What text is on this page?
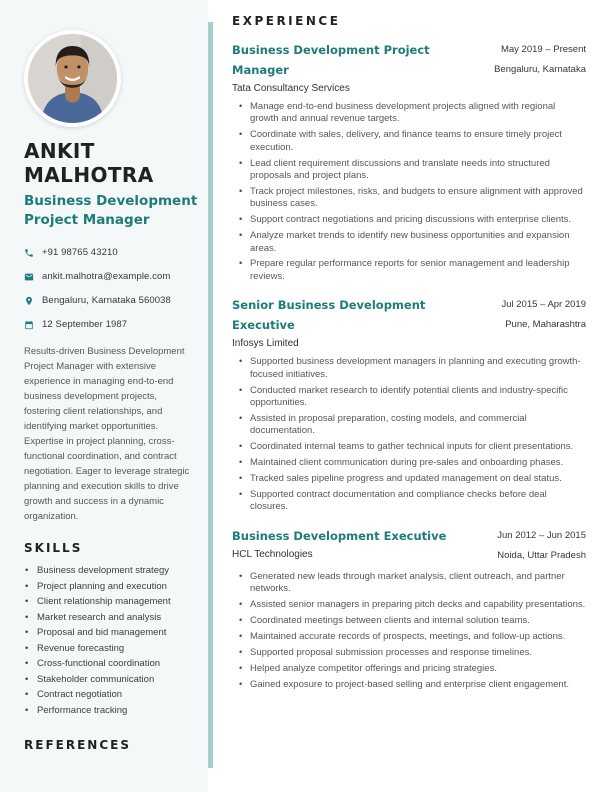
ANKIT MALHOTRA
Business Development Project Manager
+91 98765 43210
ankit.malhotra@example.com
Bengaluru, Karnataka 560038
12 September 1987

Results-driven Business Development Project Manager with extensive experience in managing end-to-end business development projects, fostering client relationships, and identifying market opportunities. Expertise in project planning, cross-functional coordination, and contract negotiation. Eager to leverage strategic planning and execution skills to drive growth and success in a dynamic organization.

SKILLS
• Business development strategy
• Project planning and execution
• Client relationship management
• Market research and analysis
• Proposal and bid management
• Revenue forecasting
• Cross-functional coordination
• Stakeholder communication
• Contract negotiation
• Performance tracking
REFERENCES
EXPERIENCE
Business Development Project Manager
Tata Consultancy Services
May 2019 – Present
Bengaluru, Karnataka
• Manage end-to-end business development projects aligned with regional growth and annual revenue targets.
• Coordinate with sales, delivery, and finance teams to ensure timely project execution.
• Lead client requirement discussions and translate needs into structured proposals and project plans.
• Track project milestones, risks, and budgets to ensure alignment with approved business cases.
• Support contract negotiations and pricing discussions with enterprise clients.
• Analyze market trends to identify new business opportunities and expansion areas.
• Prepare regular performance reports for senior management and leadership reviews.
Senior Business Development Executive
Infosys Limited
Jul 2015 – Apr 2019
Pune, Maharashtra
• Supported business development managers in planning and executing growth-focused initiatives.
• Conducted market research to identify potential clients and industry-specific opportunities.
• Assisted in proposal preparation, costing models, and commercial documentation.
• Coordinated internal teams to gather technical inputs for client presentations.
• Maintained client communication during pre-sales and onboarding phases.
• Tracked sales pipeline progress and updated management on deal status.
• Supported contract documentation and compliance checks before deal closures.
Business Development Executive
HCL Technologies
Jun 2012 – Jun 2015
Noida, Uttar Pradesh
• Generated new leads through market analysis, client outreach, and partner networks.
• Assisted senior managers in preparing pitch decks and capability presentations.
• Coordinated meetings between clients and internal solution teams.
• Maintained accurate records of prospects, meetings, and follow-up actions.
• Supported proposal submission processes and response timelines.
• Helped analyze competitor offerings and pricing strategies.
• Gained exposure to project-based selling and enterprise client engagement.
